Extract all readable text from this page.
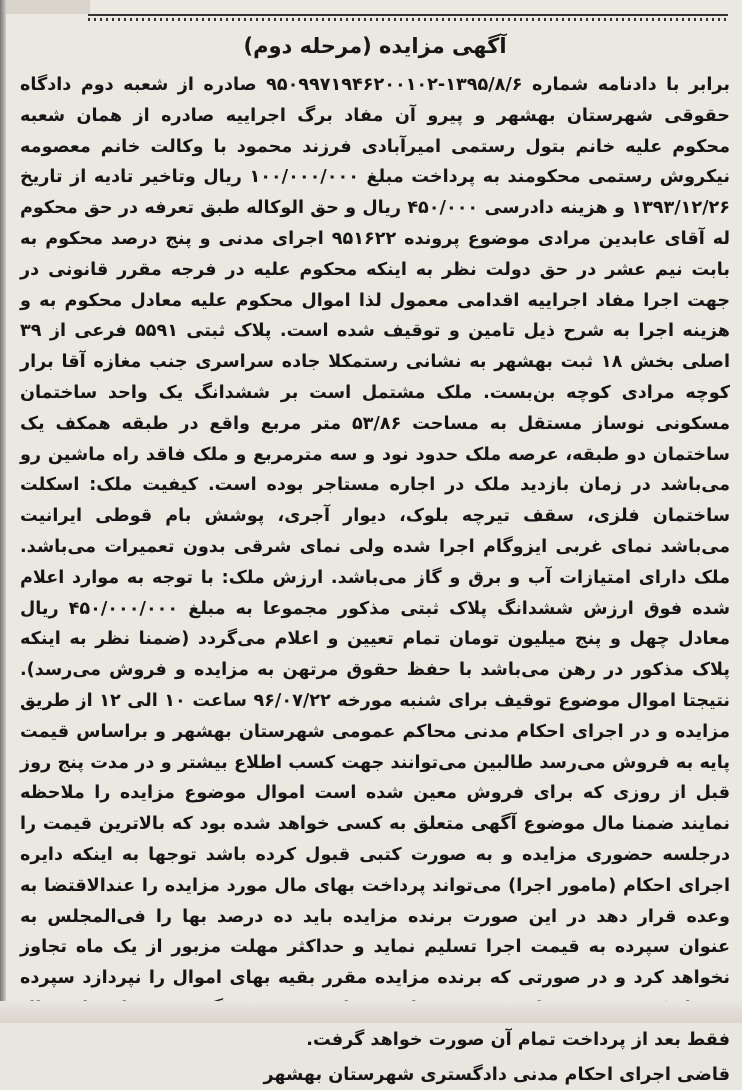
آگهی مزایده (مرحله دوم)

برابر با دادنامه شماره ۱۳۹۵/۸/۶-۹۵۰۹۹۷۱۹۴۶۲۰۰۱۰۲ صادره از شعبه دوم دادگاه حقوقی شهرستان بهشهر و پیرو آن مفاد برگ اجراییه صادره از همان شعبه محکوم علیه خانم بتول رستمی امیرآبادی فرزند محمود با وکالت خانم معصومه نیکروش رستمی محکومند به پرداخت مبلغ ۱۰۰/۰۰۰/۰۰۰ ریال وتاخیر تادیه از تاریخ ۱۳۹۳/۱۲/۲۶ و هزینه دادرسی ۴۵۰/۰۰۰ ریال و حق الوکاله طبق تعرفه در حق محکوم له آقای عابدین مرادی موضوع پرونده ۹۵۱۶۲۲ اجرای مدنی و پنج درصد محکوم به بابت نیم عشر در حق دولت نظر به اینکه محکوم علیه در فرجه مقرر قانونی در جهت اجرا مفاد اجراییه اقدامی معمول لذا اموال محکوم علیه معادل محکوم به و هزینه اجرا به شرح ذیل تامین و توقیف شده است. پلاک ثبتی ۵۵۹۱ فرعی از ۳۹ اصلی بخش ۱۸ ثبت بهشهر به نشانی رستمکلا جاده سراسری جنب مغازه آقا برار کوچه مرادی کوچه بن‌بست. ملک مشتمل است بر ششدانگ یک واحد ساختمان مسکونی نوساز مستقل به مساحت ۵۳/۸۶ متر مربع واقع در طبقه همکف یک ساختمان دو طبقه، عرصه ملک حدود نود و سه مترمربع و ملک فاقد راه ماشین رو می‌باشد در زمان بازدید ملک در اجاره مستاجر بوده است. کیفیت ملک: اسکلت ساختمان فلزی، سقف تیرچه بلوک، دیوار آجری، پوشش بام قوطی ایرانیت می‌باشد نمای غربی ایزوگام اجرا شده ولی نمای شرقی بدون تعمیرات می‌باشد. ملک دارای امتیازات آب و برق و گاز می‌باشد. ارزش ملک: با توجه به موارد اعلام شده فوق ارزش ششدانگ پلاک ثبتی مذکور مجموعا به مبلغ ۴۵۰/۰۰۰/۰۰۰ ریال معادل چهل و پنج میلیون تومان تمام تعیین و اعلام می‌گردد (ضمنا نظر به اینکه پلاک مذکور در رهن می‌باشد با حفظ حقوق مرتهن به مزایده و فروش می‌رسد). نتیجتا اموال موضوع توقیف برای شنبه مورخه ۹۶/۰۷/۲۲ ساعت ۱۰ الی ۱۲ از طریق مزایده و در اجرای احکام مدنی محاکم عمومی شهرستان بهشهر و براساس قیمت پایه به فروش می‌رسد طالبین می‌توانند جهت کسب اطلاع بیشتر و در مدت پنج روز قبل از روزی که برای فروش معین شده است اموال موضوع مزایده را ملاحظه نمایند ضمنا مال موضوع آگهی متعلق به کسی خواهد شده بود که بالاترین قیمت را درجلسه حضوری مزایده و به صورت کتبی قبول کرده باشد توجها به اینکه دایره اجرای احکام (مامور اجرا) می‌تواند پرداخت بهای مال مورد مزایده را عندالاقتضا به وعده قرار دهد در این صورت برنده مزایده باید ده درصد بها را فی‌المجلس به عنوان سپرده به قیمت اجرا تسلیم نماید و حداکثر مهلت مزبور از یک ماه تجاوز نخواهد کرد و در صورتی که برنده مزایده مقرر بقیه بهای اموال را نپردازد سپرده فقط بعد از پرداخت تمام آن صورت خواهد گرفت.

قاضی اجرای احکام مدنی دادگستری شهرستان بهشهر
